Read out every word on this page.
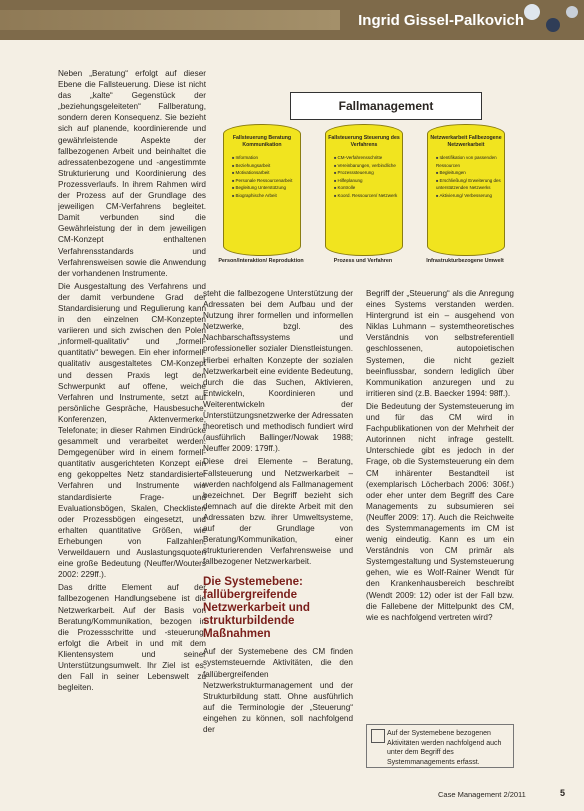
Ingrid Gissel-Palkovich

Neben „Beratung“ erfolgt auf dieser Ebene die Fallsteuerung. Diese ist nicht das „kalte“ Gegenstück der „beziehungsgeleiteten“ Fallberatung, sondern deren Konsequenz. Sie bezieht sich auf planende, koordinierende und gewährleistende Aspekte der fallbezogenen Arbeit und beinhaltet die adressatenbezogene und -angestimmte Strukturierung und Koordinierung des Prozessverlaufs. In ihrem Rahmen wird der Prozess auf der Grundlage des jeweiligen CM-Verfahrens begleitet. Damit verbunden sind die Gewährleistung der in dem jeweiligen CM-Konzept enthaltenen Verfahrensstandards und Verfahrensweisen sowie die Anwendung der vorhandenen Instrumente.

Die Ausgestaltung des Verfahrens und der damit verbundene Grad der Standardisierung und Regulierung kann in den einzelnen CM-Konzepten variieren und sich zwischen den Polen „informell-qualitativ“ und „formell-quantitativ“ bewegen. Ein eher informell-qualitativ ausgestaltetes CM-Konzept und dessen Praxis legt den Schwerpunkt auf offene, weiche Verfahren und Instrumente, setzt auf persönliche Gespräche, Hausbesuche, Konferenzen, Aktenvermerke, Telefonate; in dieser Rahmen Eindrücke gesammelt und verarbeitet werden. Demgegenüber wird in einem formell-quantitativ ausgerichteten Konzept ein eng gekoppeltes Netz standardisierter Verfahren und Instrumente wie standardisierte Frage- und Evaluationsbögen, Skalen, Checklisten oder Prozessbögen eingesetzt, und erhalten quantitative Größen, wie Erhebungen von Fallzahlen, Verweildauern und Auslastungsquoten eine große Bedeutung (Neuffer/Wouters 2002: 229ff.).

Das dritte Element auf der fallbezogenen Handlungsebene ist die Netzwerkarbeit. Auf der Basis von Beratung/Kommunikation, bezogen in die Prozessschritte und -steuerung, erfolgt die Arbeit in und mit dem Klientensystem und seiner Unterstützungsumwelt. Ihr Ziel ist es, den Fall in seiner Lebenswelt zu begleiten.

Fallmanagement
Fallsteuerung Beratung Kommunikation
■ Information
■ Beziehungsarbeit
■ Motivationsarbeit
■ Personale Ressourcenarbeit
■ Begleitung Unterstützung
■ Biographische Arbeit
Person/Interaktion/ Reproduktion
Fallsteuerung Steuerung des Verfahrens
■ CM-Verfahrensschritte
■ Vereinbarungen, verbindliche
■ Prozesssteuerung
■ Hilfeplanung
■ Kontrolle
■ Koord. Ressourcen/ Netzwerk
Prozess und Verfahren
Netzwerkarbeit Fallbezogene Netzwerkarbeit
■ Identifikation von passenden Ressourcen
■ Begleitungen
■ Erschließung/ Erweiterung des unterstützenden Netzwerks
■ Aktivierung/ Verbesserung
Infrastrukturbezogene Umwelt

steht die fallbezogene Unterstützung der Adressaten bei dem Aufbau und der Nutzung ihrer formellen und informellen Netzwerke, bzgl. des Nachbarschaftssystems und professioneller sozialer Dienstleistungen. Hierbei erhalten Konzepte der sozialen Netzwerkarbeit eine evidente Bedeutung, durch die das Suchen, Aktivieren, Entwickeln, Koordinieren und Weiterentwickeln der Unterstützungsnetzwerke der Adressaten theoretisch und methodisch fundiert wird (ausführlich Ballinger/Nowak 1988; Neuffer 2009: 179ff.).

Diese drei Elemente – Beratung, Fallsteuerung und Netzwerkarbeit – werden nachfolgend als Fallmanagement bezeichnet. Der Begriff bezieht sich demnach auf die direkte Arbeit mit den Adressaten bzw. ihrer Umweltsysteme, auf der Grundlage von Beratung/Kommunikation, einer strukturierenden Verfahrensweise und fallbezogener Netzwerkarbeit.

Die Systemebene: fallübergreifende Netzwerkarbeit und strukturbildende Maßnahmen

Auf der Systemebene des CM finden systemsteuernde Aktivitäten, die den fallübergreifenden Netzwerkstrukturmanagement und der Strukturbildung statt. Ohne ausführlich auf die Terminologie der „Steuerung“ eingehen zu können, soll nachfolgend der

Begriff der „Steuerung“ als die Anregung eines Systems verstanden werden. Hintergrund ist ein – ausgehend von Niklas Luhmann – systemtheoretisches Verständnis von selbstreferentiell geschlossenen, autopoietischen Systemen, die nicht gezielt beeinflussbar, sondern lediglich über Kommunikation anzuregen und zu irritieren sind (z.B. Baecker 1994: 98ff.).

Die Bedeutung der Systemsteuerung im und für das CM wird in Fachpublikationen von der Mehrheit der Autorinnen nicht infrage gestellt. Unterschiede gibt es jedoch in der Frage, ob die Systemsteuerung ein dem CM inhärenter Bestandteil ist (exemplarisch Löcherbach 2006: 306f.) oder eher unter dem Begriff des Care Managements zu subsumieren sei (Neuffer 2009: 17). Auch die Reichweite des Systemmanagements im CM ist wenig eindeutig. Kann es um ein Verständnis von CM primär als Systemgestaltung und Systemsteuerung gehen, wie es Wolf-Rainer Wendt für den Krankenhausbereich beschreibt (Wendt 2009: 12) oder ist der Fall bzw. die Fallebene der Mittelpunkt des CM, wie es nachfolgend vertreten wird?

Auf der Systemebene bezogenen Aktivitäten werden nachfolgend auch unter dem Begriff des Systemmanagements erfasst.
Case Management 2/2011	5
